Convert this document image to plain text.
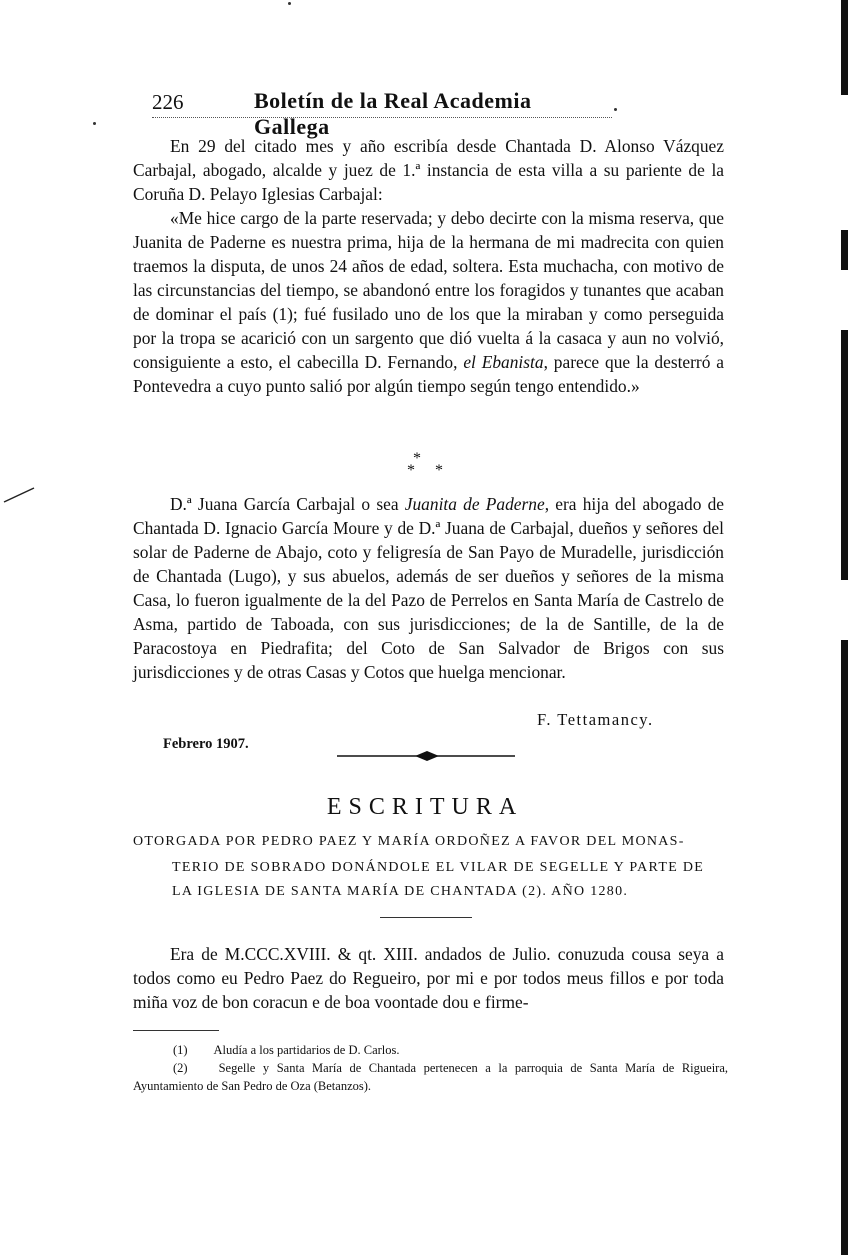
226	Boletín de la Real Academia Gallega

En 29 del citado mes y año escribía desde Chantada D. Alonso Vázquez Carbajal, abogado, alcalde y juez de 1.ª instancia de esta villa a su pariente de la Coruña D. Pelayo Iglesias Carbajal:

«Me hice cargo de la parte reservada; y debo decirte con la misma reserva, que Juanita de Paderne es nuestra prima, hija de la hermana de mi madrecita con quien traemos la disputa, de unos 24 años de edad, soltera. Esta muchacha, con motivo de las circunstancias del tiempo, se abandonó entre los foragidos y tunantes que acaban de dominar el país (1); fué fusilado uno de los que la miraban y como perseguida por la tropa se acarició con un sargento que dió vuelta á la casaca y aun no volvió, consiguiente a esto, el cabecilla D. Fernando, el Ebanista, parece que la desterró a Pontevedra a cuyo punto salió por algún tiempo según tengo entendido.»

*
* *

D.ª Juana García Carbajal o sea Juanita de Paderne, era hija del abogado de Chantada D. Ignacio García Moure y de D.ª Juana de Carbajal, dueños y señores del solar de Paderne de Abajo, coto y feligresía de San Payo de Muradelle, jurisdicción de Chantada (Lugo), y sus abuelos, además de ser dueños y señores de la misma Casa, lo fueron igualmente de la del Pazo de Perrelos en Santa María de Castrelo de Asma, partido de Taboada, con sus jurisdicciones; de la de Santille, de la de Paracostoya en Piedrafita; del Coto de San Salvador de Brigos con sus jurisdicciones y de otras Casas y Cotos que huelga mencionar.

F. Tettamancy.
Febrero 1907.
ESCRITURA
OTORGADA POR PEDRO PAEZ Y MARÍA ORDOÑEZ A FAVOR DEL MONAS-
TERIO DE SOBRADO DONÁNDOLE EL VILAR DE SEGELLE Y PARTE DE
LA IGLESIA DE SANTA MARÍA DE CHANTADA (2). AÑO 1280.

Era de M.CCC.XVIII. & qt. XIII. andados de Julio. conuzuda cousa seya a todos como eu Pedro Paez do Regueiro, por mi e por todos meus fillos e por toda miña voz de bon coracun e de boa voontade dou e firme-

(1) Aludía a los partidarios de D. Carlos.
(2) Segelle y Santa María de Chantada pertenecen a la parroquia de Santa María de Rigueira, Ayuntamiento de San Pedro de Oza (Betanzos).
